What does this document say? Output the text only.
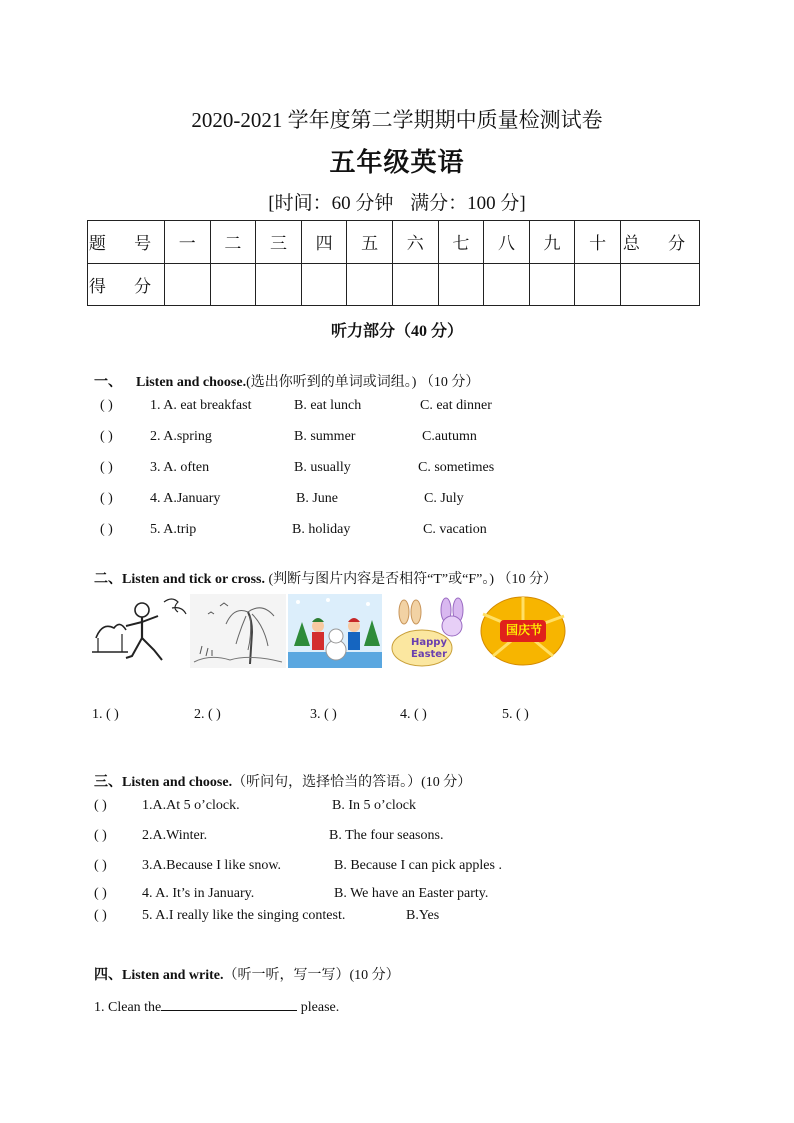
2020-2021 学年度第二学期期中质量检测试卷
五年级英语
[时间：60 分钟 满分：100 分]
题 号	一	二	三	四	五	六	七	八	九	十	总 分
得 分											
听力部分（40 分）
一、 Listen and choose.(选出你听到的单词或词组。) （10 分）
( )	1. A. eat breakfast	B. eat lunch	C. eat dinner
( )	2. A.spring	B. summer	C.autumn
( )	3. A. often	B. usually	C. sometimes
( )	4. A.January	B. June	C. July
( )	5. A.trip	B. holiday	C. vacation
二、Listen and tick or cross. (判断与图片内容是否相符“T”或“F”。) （10 分）
Happy Easter
国庆节
1. ( )	2. ( )	3. ( )	4. ( )	5. ( )
三、Listen and choose.（听问句，选择恰当的答语。）(10 分）
( )	1.A.At 5 o’clock.	B. In 5 o’clock
( )	2.A.Winter.	B. The four seasons.
( )	3.A.Because I like snow.	B. Because I can pick apples .
( )	4. A. It’s in January.	B. We have an Easter party.
( )	5. A.I really like the singing contest.	B.Yes
四、Listen and write.（听一听，写一写）(10 分）
1. Clean the	please.
